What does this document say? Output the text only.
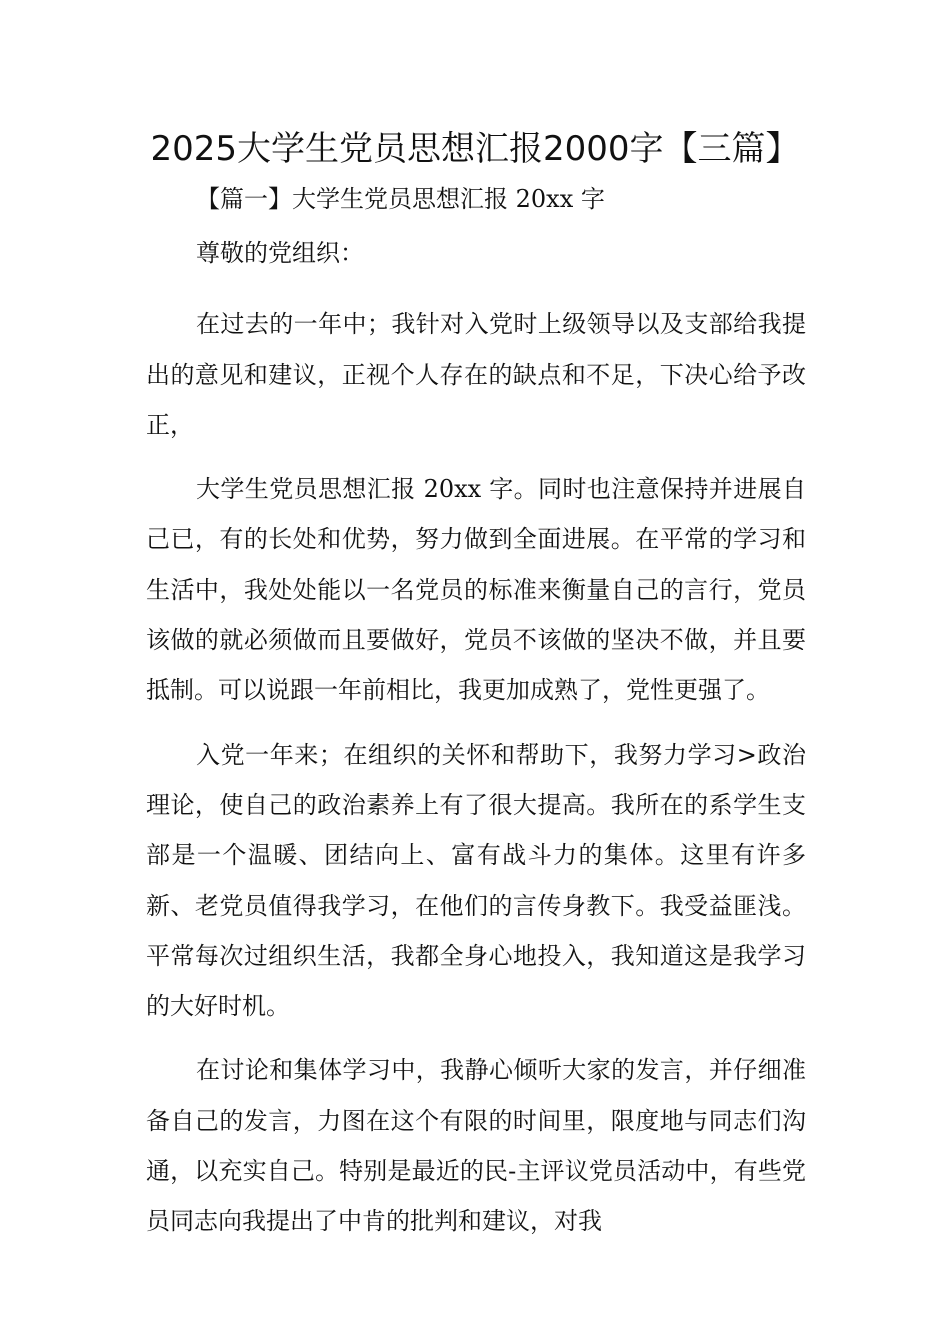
2025大学生党员思想汇报2000字【三篇】

【篇一】大学生党员思想汇报 20xx 字

尊敬的党组织：

在过去的一年中；我针对入党时上级领导以及支部给我提出的意见和建议，正视个人存在的缺点和不足，下决心给予改正，

大学生党员思想汇报 20xx 字。同时也注意保持并进展自己已，有的长处和优势，努力做到全面进展。在平常的学习和生活中，我处处能以一名党员的标准来衡量自己的言行，党员该做的就必须做而且要做好，党员不该做的坚决不做，并且要抵制。可以说跟一年前相比，我更加成熟了，党性更强了。

入党一年来；在组织的关怀和帮助下，我努力学习>政治理论，使自己的政治素养上有了很大提高。我所在的系学生支部是一个温暖、团结向上、富有战斗力的集体。这里有许多新、老党员值得我学习，在他们的言传身教下。我受益匪浅。平常每次过组织生活，我都全身心地投入，我知道这是我学习的大好时机。

在讨论和集体学习中，我静心倾听大家的发言，并仔细准备自己的发言，力图在这个有限的时间里，限度地与同志们沟通，以充实自己。特别是最近的民-主评议党员活动中，有些党员同志向我提出了中肯的批判和建议，对我
